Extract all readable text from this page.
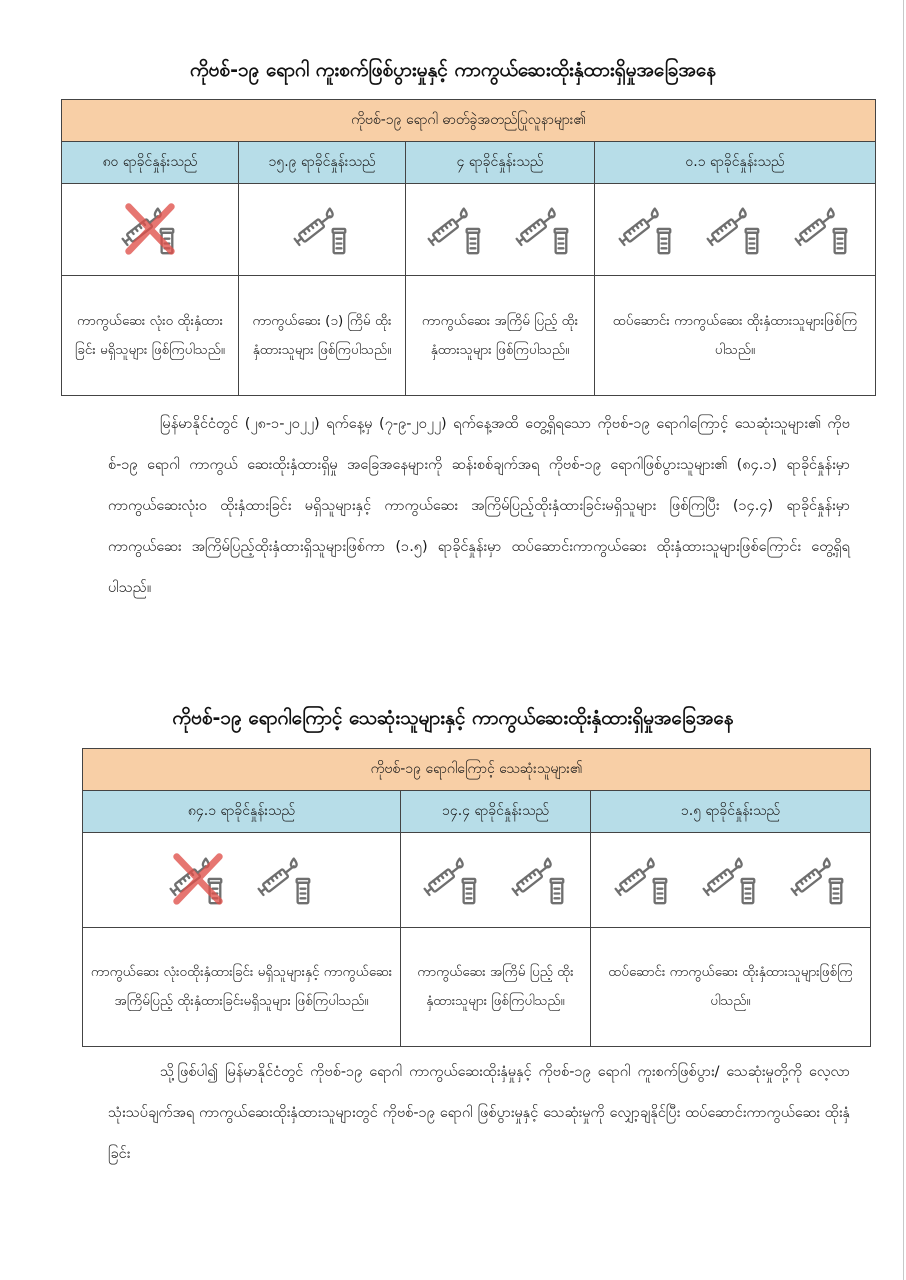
ကိုဗစ်-၁၉ ရောဂါ ကူးစက်ဖြစ်ပွားမှုနှင့် ကာကွယ်ဆေးထိုးနှံထားရှိမှုအခြေအနေ
ကိုဗစ်-၁၉ ရောဂါ ဓာတ်ခွဲအတည်ပြုလူနာများ၏			
၈၀ ရာခိုင်နှုန်းသည်	၁၅.၉ ရာခိုင်နှုန်းသည်	၄ ရာခိုင်နှုန်းသည်	၀.၁ ရာခိုင်နှုန်းသည်

ကာကွယ်ဆေး လုံး၀ ထိုးနှံထားခြင်း မရှိသူများ ဖြစ်ကြပါသည်။	ကာကွယ်ဆေး (၁) ကြိမ် ထိုးနှံထားသူများ ဖြစ်ကြပါသည်။	ကာကွယ်ဆေး အကြိမ် ပြည့် ထိုးနှံထားသူများ ဖြစ်ကြပါသည်။	ထပ်ဆောင်း ကာကွယ်ဆေး ထိုးနှံထားသူများဖြစ်ကြပါသည်။
မြန်မာနိုင်ငံတွင် (၂၈-၁-၂၀၂၂) ရက်နေ့မှ (၇-၉-၂၀၂၂) ရက်နေ့အထိ တွေ့ရှိရသော ကိုဗစ်-၁၉ ရောဂါကြောင့် သေဆုံးသူများ၏ ကိုဗစ်-၁၉ ရောဂါ ကာကွယ် ဆေးထိုးနှံထားရှိမှု အခြေအနေများကို ဆန်းစစ်ချက်အရ ကိုဗစ်-၁၉ ရောဂါဖြစ်ပွားသူများ၏ (၈၄.၁) ရာခိုင်နှုန်းမှာ ကာကွယ်ဆေးလုံး၀ ထိုးနှံထားခြင်း မရှိသူများနှင့် ကာကွယ်ဆေး အကြိမ်ပြည့်ထိုးနှံထားခြင်းမရှိသူများ ဖြစ်ကြပြီး (၁၄.၄) ရာခိုင်နှုန်းမှာ ကာကွယ်ဆေး အကြိမ်ပြည့်ထိုးနှံထားရှိသူများဖြစ်ကာ (၁.၅) ရာခိုင်နှုန်းမှာ ထပ်ဆောင်းကာကွယ်ဆေး ထိုးနှံထားသူများဖြစ်ကြောင်း တွေ့ရှိရပါသည်။
ကိုဗစ်-၁၉ ရောဂါကြောင့် သေဆုံးသူများနှင့် ကာကွယ်ဆေးထိုးနှံထားရှိမှုအခြေအနေ
ကိုဗစ်-၁၉ ရောဂါကြောင့် သေဆုံးသူများ၏		
၈၄.၁ ရာခိုင်နှုန်းသည်	၁၄.၄ ရာခိုင်နှုန်းသည်	၁.၅ ရာခိုင်နှုန်းသည်

ကာကွယ်ဆေး လုံး၀ထိုးနှံထားခြင်း မရှိသူများနှင့် ကာကွယ်ဆေး အကြိမ်ပြည့် ထိုးနှံထားခြင်းမရှိသူများ ဖြစ်ကြပါသည်။	ကာကွယ်ဆေး အကြိမ် ပြည့် ထိုးနှံထားသူများ ဖြစ်ကြပါသည်။	ထပ်ဆောင်း ကာကွယ်ဆေး ထိုးနှံထားသူများဖြစ်ကြပါသည်။
သို့ဖြစ်ပါ၍ မြန်မာနိုင်ငံတွင် ကိုဗစ်-၁၉ ရောဂါ ကာကွယ်ဆေးထိုးနှံမှုနှင့် ကိုဗစ်-၁၉ ရောဂါ ကူးစက်ဖြစ်ပွား/ သေဆုံးမှုတို့ကို လေ့လာသုံးသပ်ချက်အရ ကာကွယ်ဆေးထိုးနှံထားသူများတွင် ကိုဗစ်-၁၉ ရောဂါ ဖြစ်ပွားမှုနှင့် သေဆုံးမှုကို လျှော့ချနိုင်ပြီး ထပ်ဆောင်းကာကွယ်ဆေး ထိုးနှံခြင်း
